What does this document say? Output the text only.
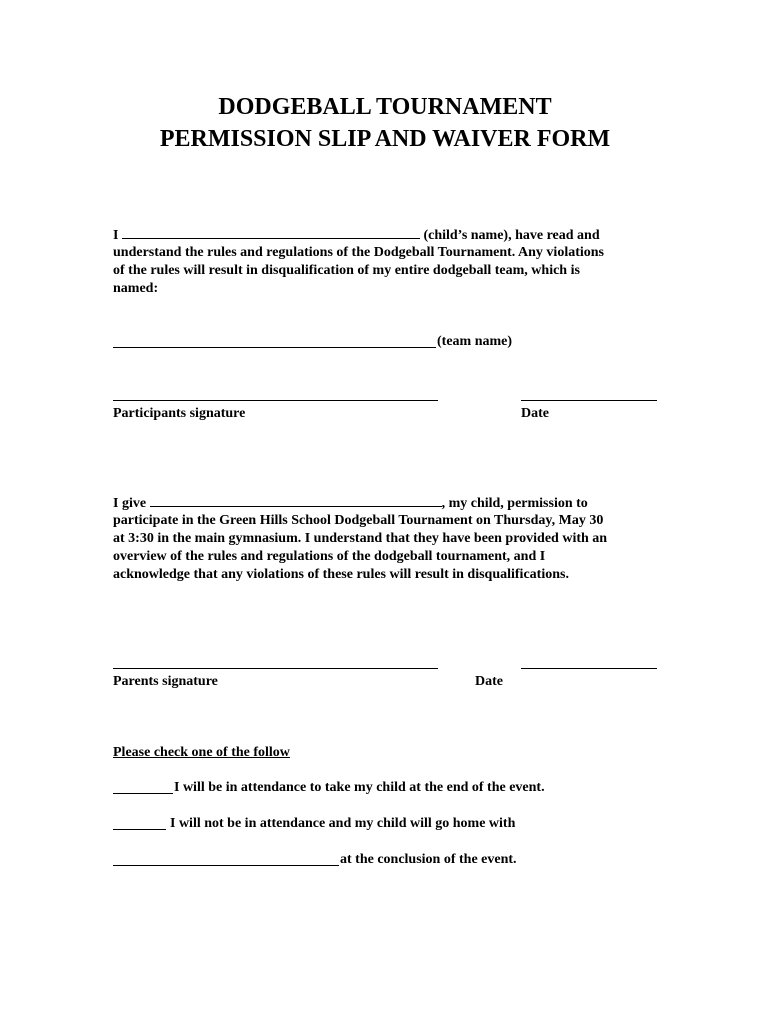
DODGEBALL TOURNAMENT
PERMISSION SLIP AND WAIVER FORM
I	(child’s name), have read and
understand the rules and regulations of the Dodgeball Tournament. Any violations
of the rules will result in disqualification of my entire dodgeball team, which is
named:
(team name)
Participants signature	Date
I give	, my child, permission to
participate in the Green Hills School Dodgeball Tournament on Thursday, May 30
at 3:30 in the main gymnasium. I understand that they have been provided with an
overview of the rules and regulations of the dodgeball tournament, and I
acknowledge that any violations of these rules will result in disqualifications.
Parents signature	Date
Please check one of the follow
I will be in attendance to take my child at the end of the event.
I will not be in attendance and my child will go home with
at the conclusion of the event.
